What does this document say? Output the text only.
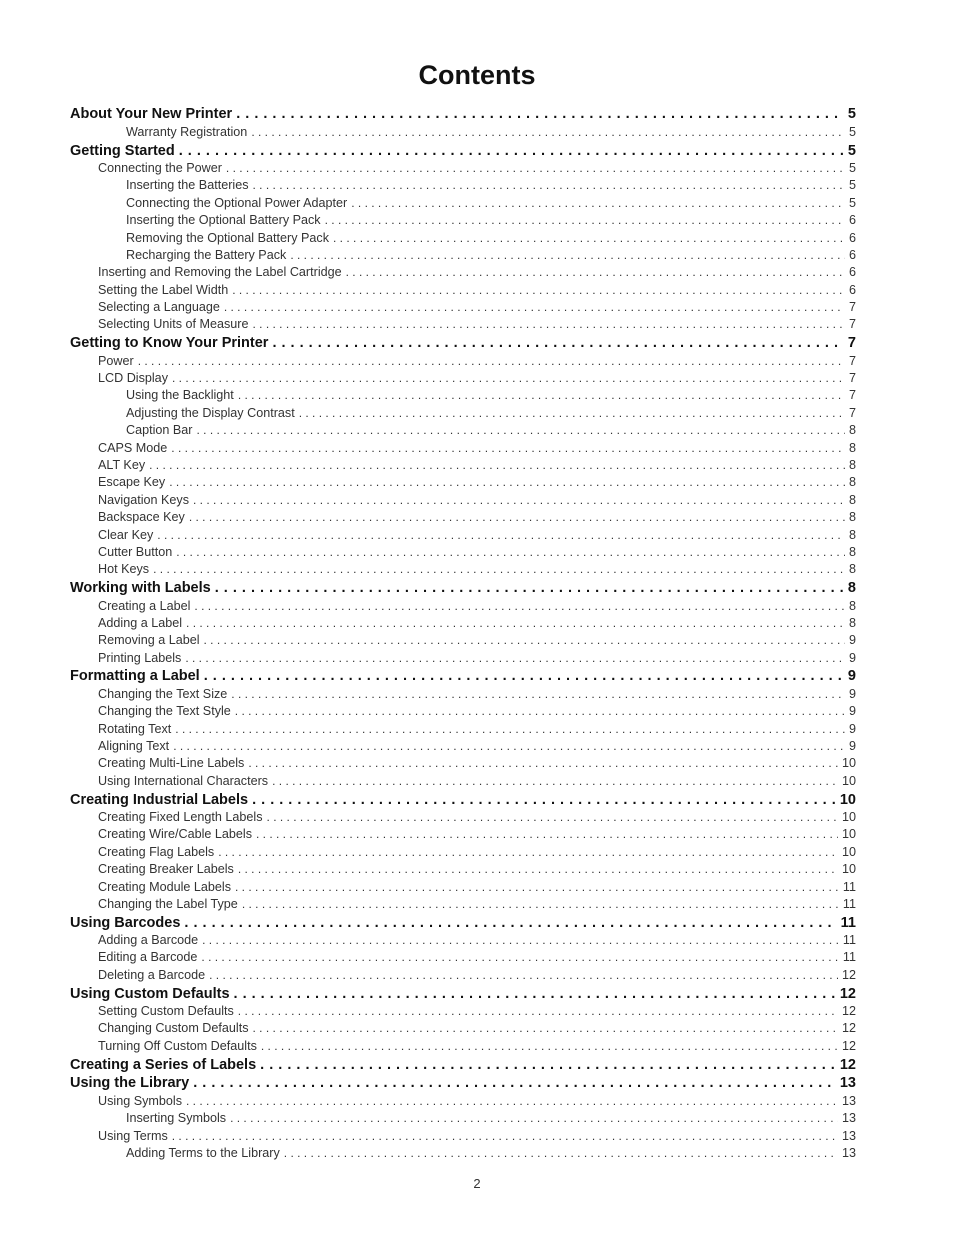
Contents
About Your New Printer . . .	5
Warranty Registration . . .	5
Getting Started . . .	5
Connecting the Power . . .	5
Inserting the Batteries . . .	5
Connecting the Optional Power Adapter . . .	5
Inserting the Optional Battery Pack . . .	6
Removing the Optional Battery Pack . . .	6
Recharging the Battery Pack . . .	6
Inserting and Removing the Label Cartridge . . .	6
Setting the Label Width . . .	6
Selecting a Language . . .	7
Selecting Units of Measure . . .	7
Getting to Know Your Printer . . .	7
Power . . .	7
LCD Display . . .	7
Using the Backlight . . .	7
Adjusting the Display Contrast . . .	7
Caption Bar . . .	8
CAPS Mode . . .	8
ALT Key . . .	8
Escape Key . . .	8
Navigation Keys . . .	8
Backspace Key . . .	8
Clear Key . . .	8
Cutter Button . . .	8
Hot Keys . . .	8
Working with Labels . . .	8
Creating a Label . . .	8
Adding a Label . . .	8
Removing a Label . . .	9
Printing Labels . . .	9
Formatting a Label . . .	9
Changing the Text Size . . .	9
Changing the Text Style . . .	9
Rotating Text . . .	9
Aligning Text . . .	9
Creating Multi-Line Labels . . .	10
Using International Characters . . .	10
Creating Industrial Labels . . .	10
Creating Fixed Length Labels . . .	10
Creating Wire/Cable Labels . . .	10
Creating Flag Labels . . .	10
Creating Breaker Labels . . .	10
Creating Module Labels . . .	11
Changing the Label Type . . .	11
Using Barcodes . . .	11
Adding a Barcode . . .	11
Editing a Barcode . . .	11
Deleting a Barcode . . .	12
Using Custom Defaults . . .	12
Setting Custom Defaults . . .	12
Changing Custom Defaults . . .	12
Turning Off Custom Defaults . . .	12
Creating a Series of Labels . . .	12
Using the Library . . .	13
Using Symbols . . .	13
Inserting Symbols . . .	13
Using Terms . . .	13
Adding Terms to the Library . . .	13
2
